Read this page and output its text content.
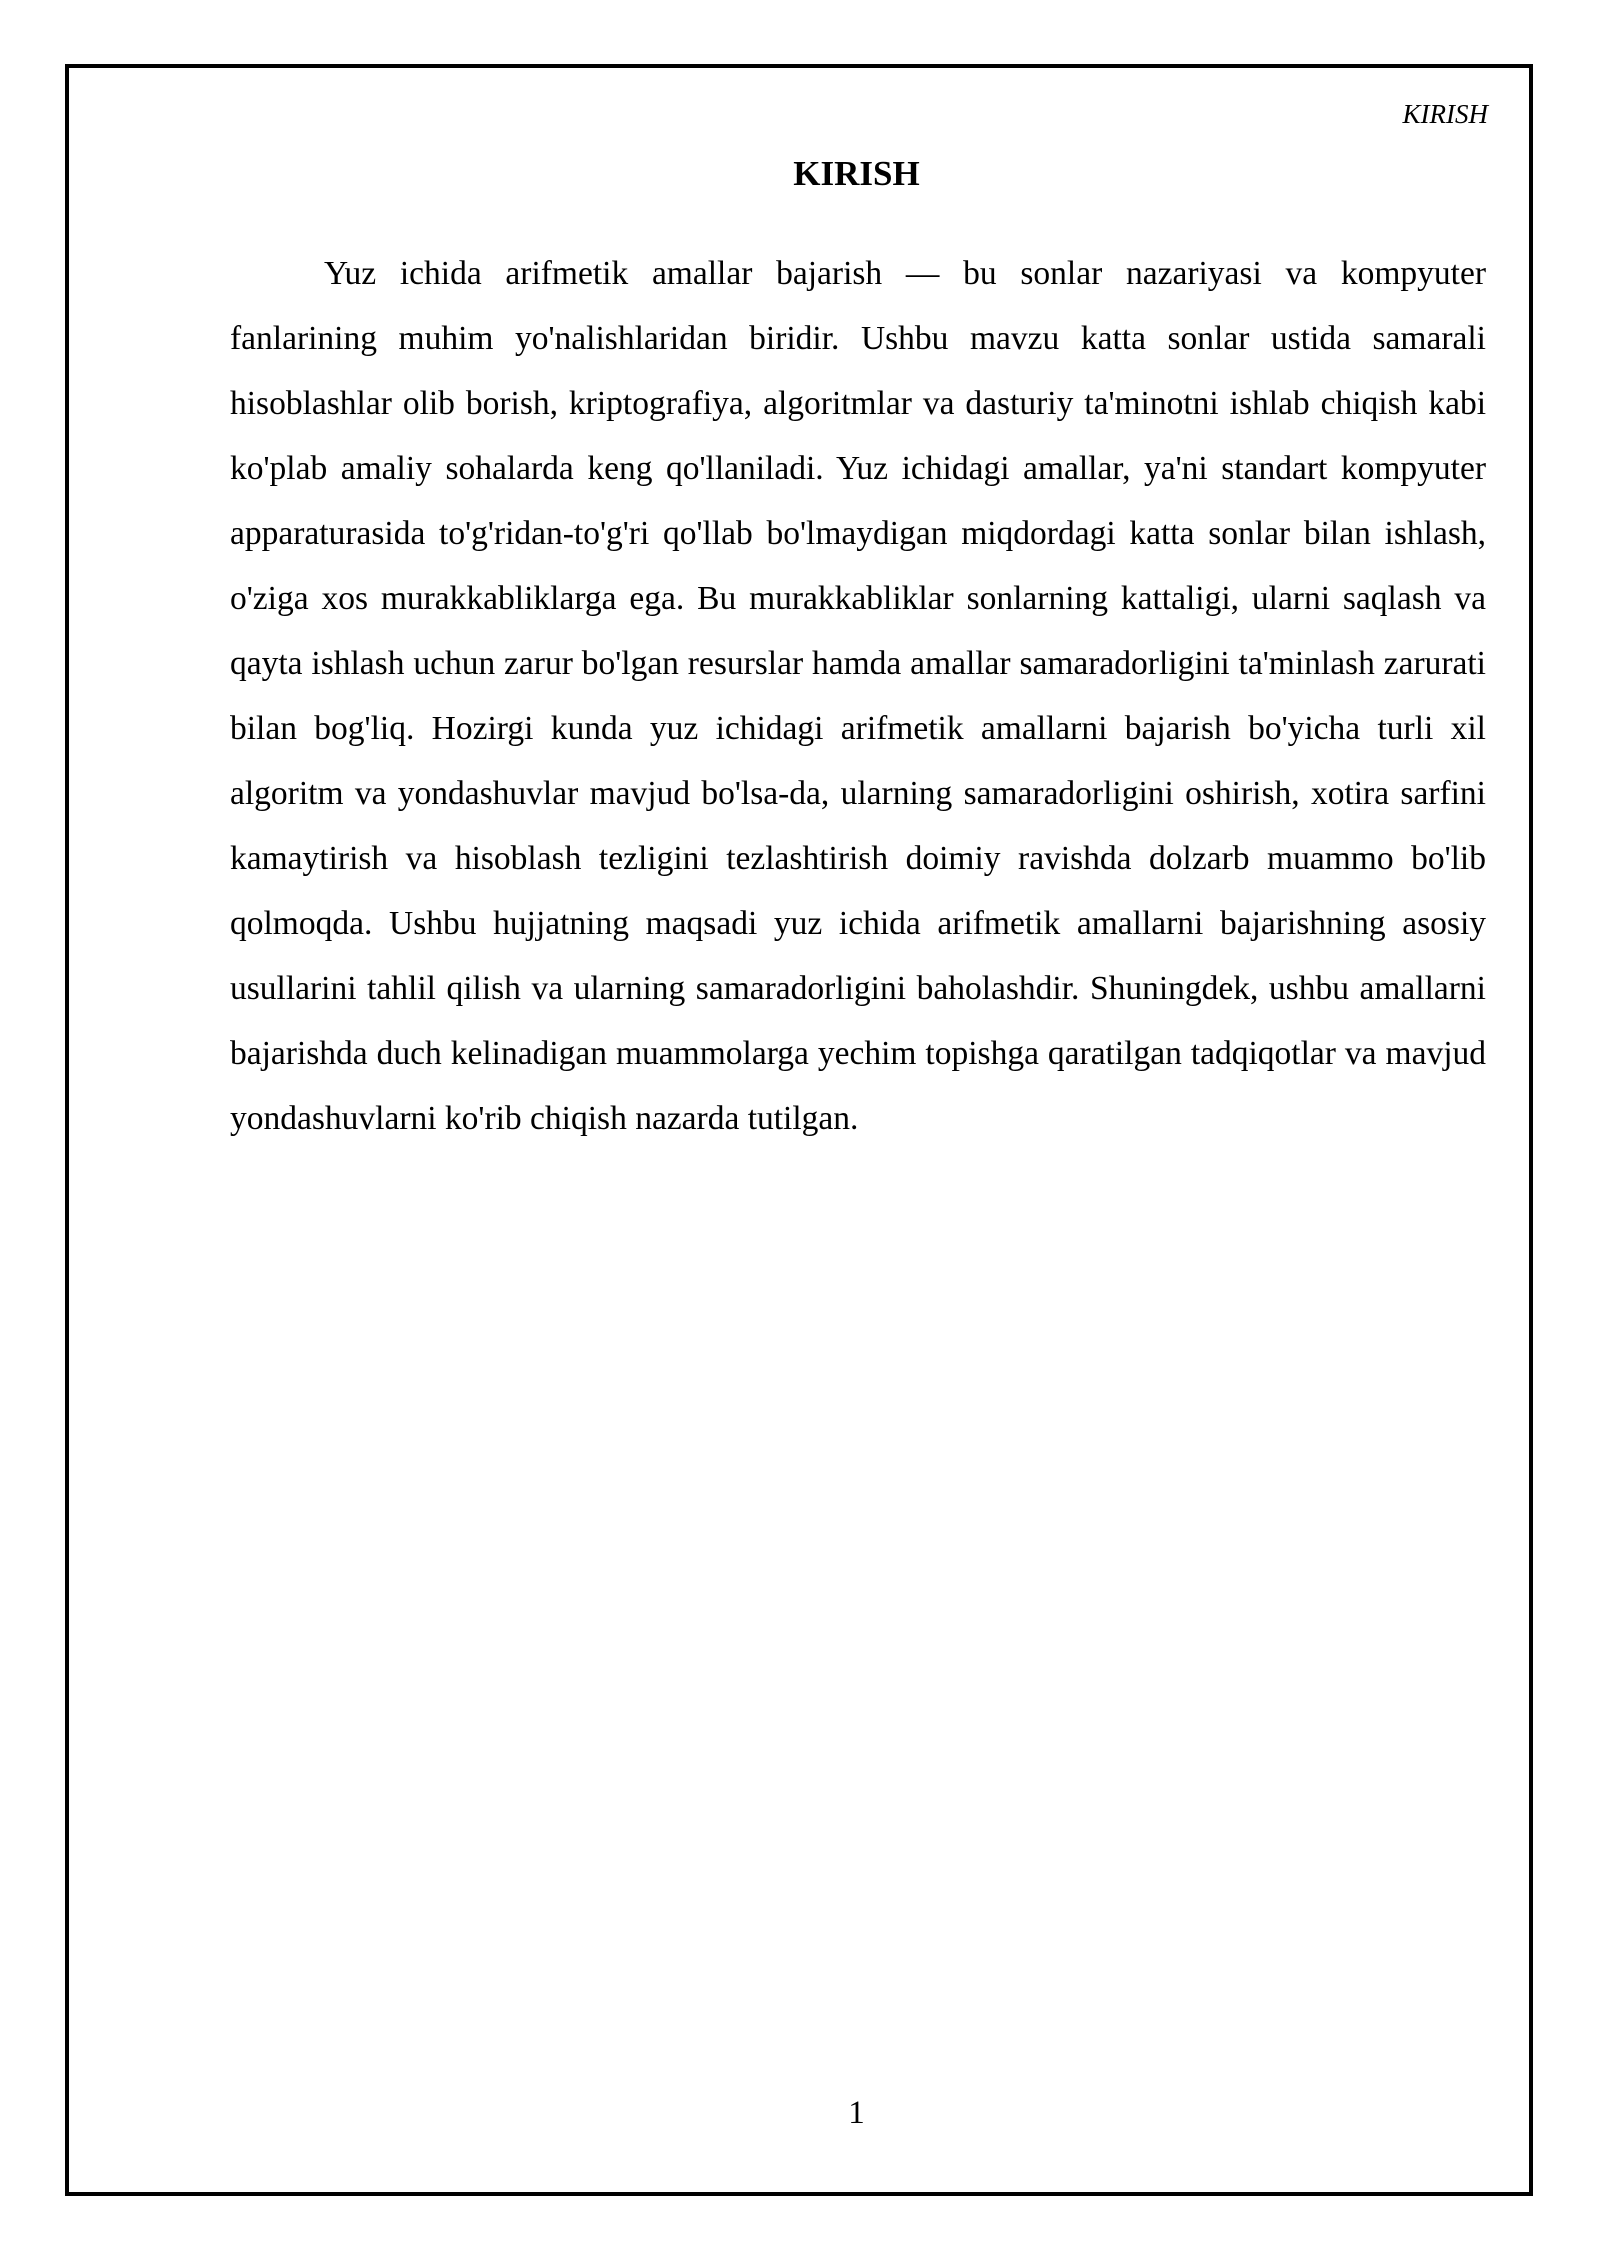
KIRISH
KIRISH

Yuz ichida arifmetik amallar bajarish — bu sonlar nazariyasi va kompyuter fanlarining muhim yo'nalishlaridan biridir. Ushbu mavzu katta sonlar ustida samarali hisoblashlar olib borish, kriptografiya, algoritmlar va dasturiy ta'minotni ishlab chiqish kabi ko'plab amaliy sohalarda keng qo'llaniladi. Yuz ichidagi amallar, ya'ni standart kompyuter apparaturasida to'g'ridan-to'g'ri qo'llab bo'lmaydigan miqdordagi katta sonlar bilan ishlash, o'ziga xos murakkabliklarga ega. Bu murakkabliklar sonlarning kattaligi, ularni saqlash va qayta ishlash uchun zarur bo'lgan resurslar hamda amallar samaradorligini ta'minlash zarurati bilan bog'liq. Hozirgi kunda yuz ichidagi arifmetik amallarni bajarish bo'yicha turli xil algoritm va yondashuvlar mavjud bo'lsa-da, ularning samaradorligini oshirish, xotira sarfini kamaytirish va hisoblash tezligini tezlashtirish doimiy ravishda dolzarb muammo bo'lib qolmoqda. Ushbu hujjatning maqsadi yuz ichida arifmetik amallarni bajarishning asosiy usullarini tahlil qilish va ularning samaradorligini baholashdir. Shuningdek, ushbu amallarni bajarishda duch kelinadigan muammolarga yechim topishga qaratilgan tadqiqotlar va mavjud yondashuvlarni ko'rib chiqish nazarda tutilgan.

1
